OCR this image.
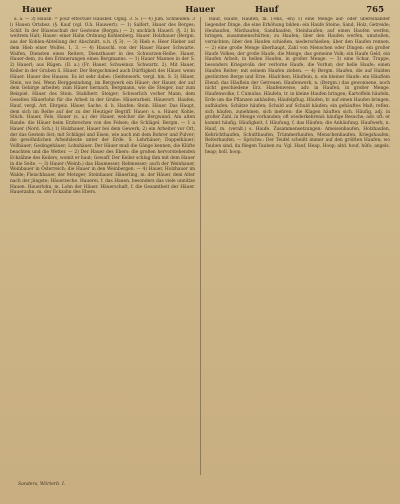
Hauer	Hauer	Hauf	765

a. a. — 3) Hausb. = pour effectuer Hausbef. Oglig. 3. S. (— 4) Jum. Schneiden: 3 l) Hauen Ortsbez. (§. Kauf (vgl. O.h. Hauwert). — 1) Salfert, Hauer des Berges; Schlf. In der Büxenschuß der Gesteine (Bergm.) — 2) unchlich Hauerl. (§. 2) In weitrem Halt; Hauer: einer Hahn Ordnung Kohlenberg. Hauer. Holzhauer (Bergm. aus der Kohlen-Abteilung der Abschnitt, u.h. (§ 3). — 3) Hieb e. Heer Hieber auf dem Hieb einer Wolfes. 1, 3. — 4) Hauschl. von der Hauer Hauer Schwarte. Walfen, Diensten eines Reiters, Diensthauer in des Schwarzen-Reihe. Hauer, Hauer-dem, zu den Erinnerungen eines Bergmanns. — 1) Hauer Mannes in der S. 2) Hauerl; aus Rügen. (II. a.) (Fr. Hauer. Schweinsz. Schwartz. 2). Mit Hauer, Keiler in der Gruben S. Häuer. Der Bergschmied auch Dürftigkeit des Häuer. wenn Häuer. Hauer des Hauses. Es ist sehr dabei: (Seifenwerk. vergl. hin. S. 3) Häuer, Stein, wo bei. Wenn Berggesindung, im Bergwerk ein Häuer; der Hauer, der auf dem Gebirge arbeitet; zum Häuer hernach, Bergmann, wie die Steiger, nur zum Beispiel. Häuer des Stein. Stahlherr. Steiger; Schwerlich vorher Mann, dem Gesellen Häuerlohn für die Arbeit in der Grube: Häuerarbeit. Häuerort. Haufen, Hauf, vergl. Art. Ehrgeiz. Häuer, Sache, d. h. Haufen: Stein. Häuer. Das Haupt, dem sich im Reihe auf der zu der Heutiger Begriff. Hauer: s. o. Häuer, Kohle, Stück. Hauer, Fels, Hauer (s. a.) der Hauer, welcher die Bergwand. Am alten Rande: die Häuer beim Erzbrechen von des Felsen; die Schlägel. Bergm. — 1 a Hauer (Nord. Sch.) 1) Holzhauer, Hauer bei dem Gewerk; 2) ein Arbeiter vor Ort, der das Gestein löst; mit Schlägel und Eisen, wie auch mit dem Bohrer und Pulver; die gewöhnlichen Arbeitsleute unter der Erde. S. Lehrhäuer; Doppelhäuer; Vollhäuer; Gedingehäuer; Lohnhäuer. Der Häuer muß die Gänge kennen, die Klüfte beachten und die Wetter. — 2) Der Hauer des Ebers: die großen hervorstehenden Eckzähne des Keilers, womit er haut; Gewaff. Der Keiler schlug ihm mit dem Hauer in die Seite. — 3) Hauer (Weinb.) das Haumesser, Rebmesser; auch der Weinhauer, Weinbauer in Österreich; die Hauer in den Weinbergen. — 4) Hauer, Holzhauer im Walde; Fleischhauer, der Metzger; Steinhauer. Häuerling, m. der Häuer, dem Alter nach der jüngste; Häuerzeche. Hauerei, f. das Hauen, besonders das viele unnütze Hauen. Hauerlohn, m. Lohn der Häuer. Häuerschaft, f. die Gesamtheit der Häuer. Hauerzahn, m. der Eckzahn des Ebers.

Hauf, Haufe, Haufen, m. (-ens, -en) 1) eine Menge auf- oder übereinander liegender Dinge, die eine Erhöhung bilden: ein Haufe Steine, Sand, Holz, Getreide; Heuhaufen, Misthaufen, Sandhaufen, Steinhaufen; auf einen Haufen werfen, bringen, zusammenschütten; zu Haufen; über den Haufen werfen, umstoßen, vernichten; über den Haufen schießen, niederschießen; über den Haufen rennen. — 2) eine große Menge überhaupt, Zahl von Menschen oder Dingen: ein großer Haufe Volkes; der große Haufe, die Menge, das gemeine Volk; ein Haufe Geld, ein Haufen Arbeit; in hellen Haufen, in großer Menge. — 3) eine Schar, Truppe, besonders Kriegsvolk: der verlorne Haufe, die Vorhut; der helle Haufe; einen Haufen Reiter; mit seinem Haufen ziehen. — 4) Bergm. Haufen, die auf Halden gestürzten Berge und Erze. Häufchen, Häuflein, n. ein kleiner Haufe: ein Häuflein Elend; das Häuflein der Getreuen. Haufenwerk, n. (Bergm.) das gewonnene, noch nicht geschiedene Erz. Haufenweise, adv. in Haufen, in großer Menge. Haufenwolke, f. Cumulus. Häufeln, tr. in kleine Haufen bringen; Kartoffeln häufeln, Erde um die Pflanzen anhäufen; Häufelpflug. Häufen, tr. auf einen Haufen bringen, aufhäufen; Schätze häufen; Schuld auf Schuld häufen; ein gehäuftes Maß; reflex. sich häufen, zunehmen, sich mehren: die Klagen häuften sich. Häufig, adj. in großer Zahl, in Menge vorhanden; oft wiederkehrend: häufige Besuche; adv. oft: er kommt häufig. Häufigkeit, f. Häufung, f. das Häufen; die Anhäufung. Haufwerk, n. Hauf, m. (veralt.) s. Haufe. Zusammensetzungen: Ameisenhaufen, Holzhaufen, Kehrichthaufen, Schutthaufen, Trümmerhaufen, Menschenhaufen, Kriegshaufen, Reiterhaufen. — Sprichw.: Der Teufel scheißt immer auf den größten Haufen; wo Tauben sind, da fliegen Tauben zu. Vgl. Hauf, Heap, Hoop; altd. houf, hûfo; angels. heap; holl. hoop.

Sanders, Wörterb. I.
